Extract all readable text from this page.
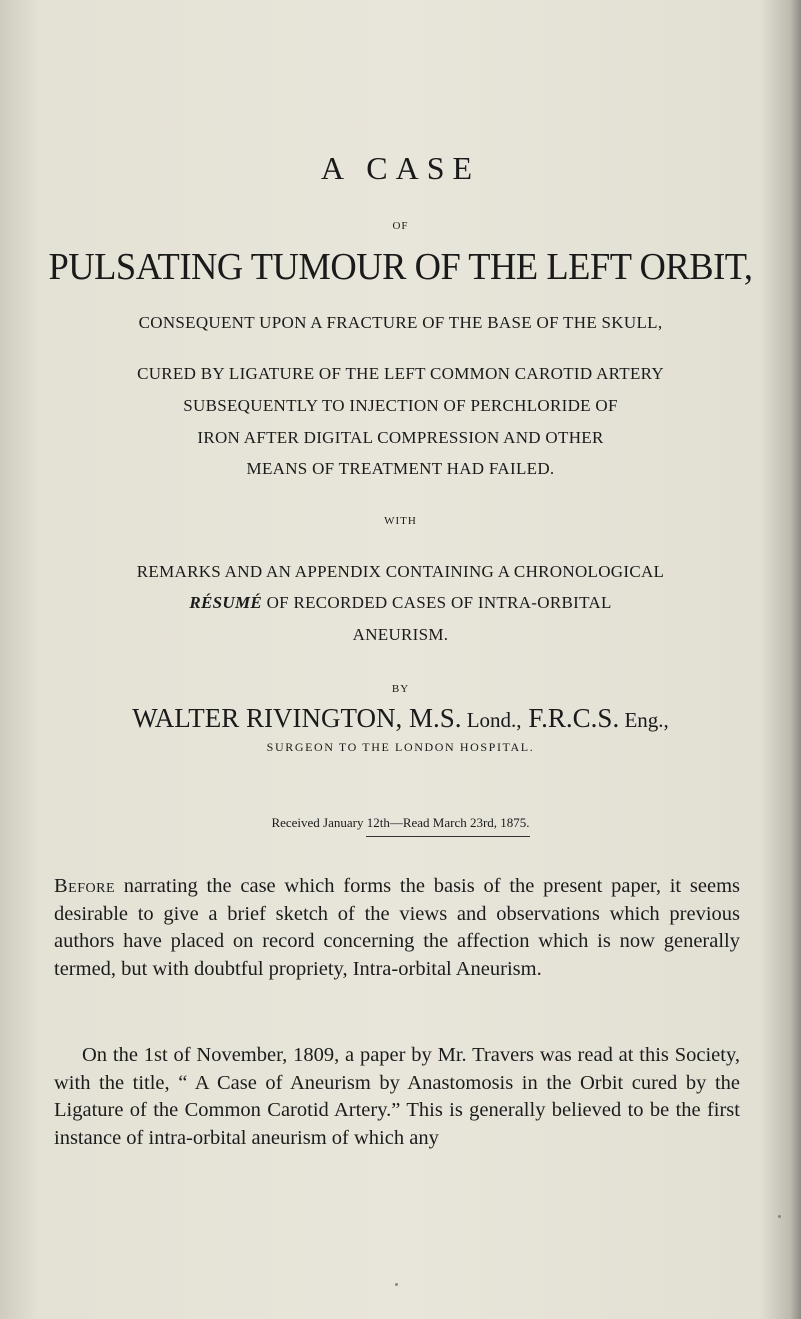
A CASE
OF
PULSATING TUMOUR OF THE LEFT ORBIT,
CONSEQUENT UPON A FRACTURE OF THE BASE OF THE SKULL,
CURED BY LIGATURE OF THE LEFT COMMON CAROTID ARTERY
SUBSEQUENTLY TO INJECTION OF PERCHLORIDE OF
IRON AFTER DIGITAL COMPRESSION AND OTHER
MEANS OF TREATMENT HAD FAILED.
WITH
REMARKS AND AN APPENDIX CONTAINING A CHRONOLOGICAL
RÉSUMÉ OF RECORDED CASES OF INTRA-ORBITAL
ANEURISM.
BY
WALTER RIVINGTON, M.S. Lond., F.R.C.S. Eng.,
SURGEON TO THE LONDON HOSPITAL.
Received January 12th—Read March 23rd, 1875.

Before narrating the case which forms the basis of the present paper, it seems desirable to give a brief sketch of the views and observations which previous authors have placed on record concerning the affection which is now generally termed, but with doubtful propriety, Intra-orbital Aneurism.

On the 1st of November, 1809, a paper by Mr. Travers was read at this Society, with the title, “ A Case of Aneurism by Anastomosis in the Orbit cured by the Ligature of the Common Carotid Artery.” This is generally believed to be the first instance of intra-orbital aneurism of which any
